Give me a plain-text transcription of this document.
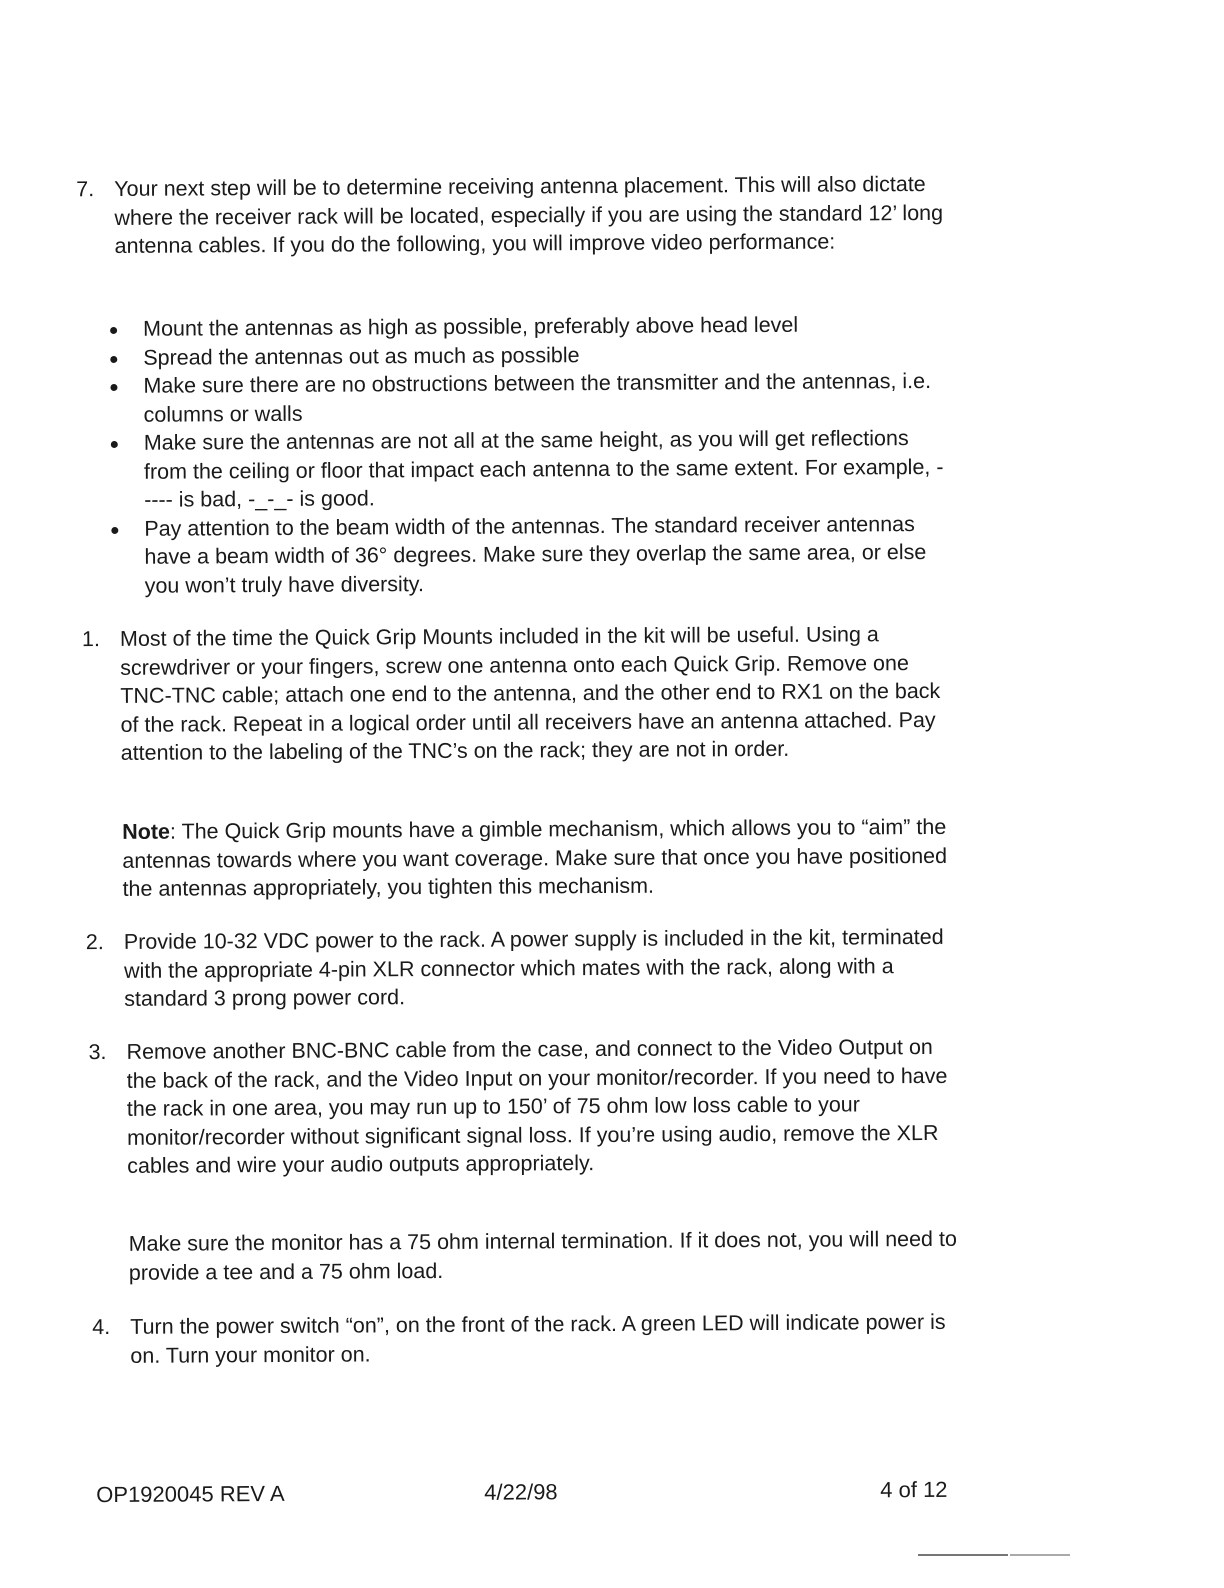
7. Your next step will be to determine receiving antenna placement. This will also dictate where the receiver rack will be located, especially if you are using the standard 12’ long antenna cables. If you do the following, you will improve video performance:

Mount the antennas as high as possible, preferably above head level
Spread the antennas out as much as possible
Make sure there are no obstructions between the transmitter and the antennas, i.e. columns or walls
Make sure the antennas are not all at the same height, as you will get reflections from the ceiling or floor that impact each antenna to the same extent. For example, ----- is bad, -_-_- is good.
Pay attention to the beam width of the antennas. The standard receiver antennas have a beam width of 36° degrees. Make sure they overlap the same area, or else you won’t truly have diversity.
1. Most of the time the Quick Grip Mounts included in the kit will be useful. Using a screwdriver or your fingers, screw one antenna onto each Quick Grip. Remove one TNC-TNC cable; attach one end to the antenna, and the other end to RX1 on the back of the rack. Repeat in a logical order until all receivers have an antenna attached. Pay attention to the labeling of the TNC’s on the rack; they are not in order.

Note: The Quick Grip mounts have a gimble mechanism, which allows you to “aim” the antennas towards where you want coverage. Make sure that once you have positioned the antennas appropriately, you tighten this mechanism.

2. Provide 10-32 VDC power to the rack. A power supply is included in the kit, terminated with the appropriate 4-pin XLR connector which mates with the rack, along with a standard 3 prong power cord.

3. Remove another BNC-BNC cable from the case, and connect to the Video Output on the back of the rack, and the Video Input on your monitor/recorder. If you need to have the rack in one area, you may run up to 150’ of 75 ohm low loss cable to your monitor/recorder without significant signal loss. If you’re using audio, remove the XLR cables and wire your audio outputs appropriately.

Make sure the monitor has a 75 ohm internal termination. If it does not, you will need to provide a tee and a 75 ohm load.

4. Turn the power switch “on”, on the front of the rack. A green LED will indicate power is on. Turn your monitor on.

OP1920045 REV A	4/22/98	4 of 12
